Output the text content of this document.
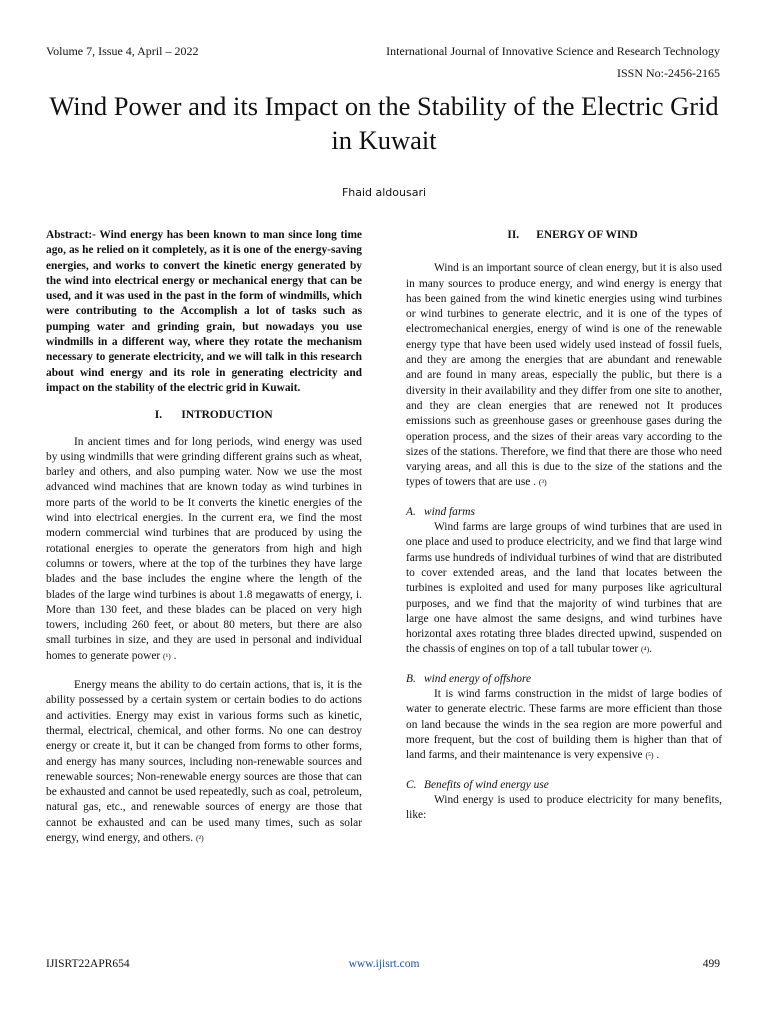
Volume 7, Issue 4, April – 2022	International Journal of Innovative Science and Research Technology
ISSN No:-2456-2165
Wind Power and its Impact on the Stability of the Electric Grid in Kuwait
Fhaid aldousari

Abstract:- Wind energy has been known to man since long time ago, as he relied on it completely, as it is one of the energy-saving energies, and works to convert the kinetic energy generated by the wind into electrical energy or mechanical energy that can be used, and it was used in the past in the form of windmills, which were contributing to the Accomplish a lot of tasks such as pumping water and grinding grain, but nowadays you use windmills in a different way, where they rotate the mechanism necessary to generate electricity, and we will talk in this research about wind energy and its role in generating electricity and impact on the stability of the electric grid in Kuwait.

I. INTRODUCTION

In ancient times and for long periods, wind energy was used by using windmills that were grinding different grains such as wheat, barley and others, and also pumping water. Now we use the most advanced wind machines that are known today as wind turbines in more parts of the world to be It converts the kinetic energies of the wind into electrical energies. In the current era, we find the most modern commercial wind turbines that are produced by using the rotational energies to operate the generators from high and high columns or towers, where at the top of the turbines they have large blades and the base includes the engine where the length of the blades of the large wind turbines is about 1.8 megawatts of energy, i. More than 130 feet, and these blades can be placed on very high towers, including 260 feet, or about 80 meters, but there are also small turbines in size, and they are used in personal and individual homes to generate power (¹) .

Energy means the ability to do certain actions, that is, it is the ability possessed by a certain system or certain bodies to do actions and activities. Energy may exist in various forms such as kinetic, thermal, electrical, chemical, and other forms. No one can destroy energy or create it, but it can be changed from forms to other forms, and energy has many sources, including non-renewable sources and renewable sources; Non-renewable energy sources are those that can be exhausted and cannot be used repeatedly, such as coal, petroleum, natural gas, etc., and renewable sources of energy are those that cannot be exhausted and can be used many times, such as solar energy, wind energy, and others. (²)

II. ENERGY OF WIND

Wind is an important source of clean energy, but it is also used in many sources to produce energy, and wind energy is energy that has been gained from the wind kinetic energies using wind turbines or wind turbines to generate electric, and it is one of the types of electromechanical energies, energy of wind is one of the renewable energy type that have been used widely used instead of fossil fuels, and they are among the energies that are abundant and renewable and are found in many areas, especially the public, but there is a diversity in their availability and they differ from one site to another, and they are clean energies that are renewed not It produces emissions such as greenhouse gases or greenhouse gases during the operation process, and the sizes of their areas vary according to the sizes of the stations. Therefore, we find that there are those who need varying areas, and all this is due to the size of the stations and the types of towers that are use . (³)

A. wind farms

Wind farms are large groups of wind turbines that are used in one place and used to produce electricity, and we find that large wind farms use hundreds of individual turbines of wind that are distributed to cover extended areas, and the land that locates between the turbines is exploited and used for many purposes like agricultural purposes, and we find that the majority of wind turbines that are large one have almost the same designs, and wind turbines have horizontal axes rotating three blades directed upwind, suspended on the chassis of engines on top of a tall tubular tower (⁴).

B. wind energy of offshore

It is wind farms construction in the midst of large bodies of water to generate electric. These farms are more efficient than those on land because the winds in the sea region are more powerful and more frequent, but the cost of building them is higher than that of land farms, and their maintenance is very expensive (⁵) .

C. Benefits of wind energy use

Wind energy is used to produce electricity for many benefits, like:

IJISRT22APR654	www.ijisrt.com	499
